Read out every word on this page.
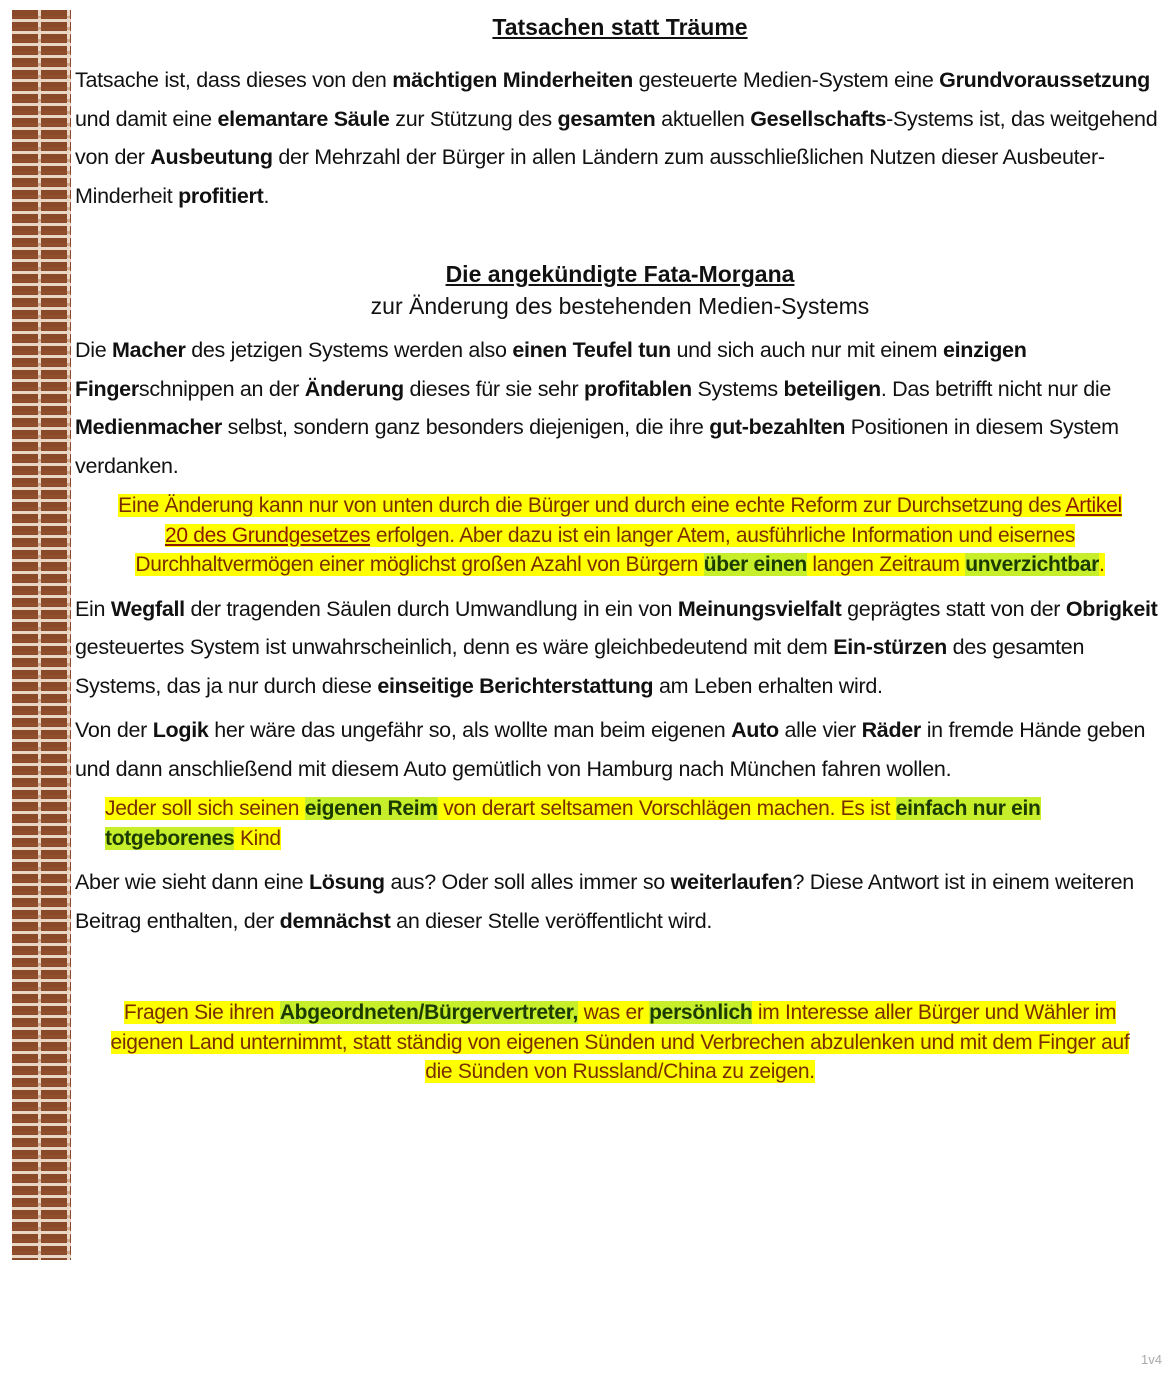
Tatsachen statt Träume

Tatsache ist, dass dieses von den mächtigen Minderheiten gesteuerte Medien-System eine Grundvoraussetzung und damit eine elemantare Säule zur Stützung des gesamten aktuellen Gesellschafts-Systems ist, das weitgehend von der Ausbeutung der Mehrzahl der Bürger in allen Ländern zum ausschließlichen Nutzen dieser Ausbeuter-Minderheit profitiert.

Die angekündigte Fata-Morgana
zur Änderung des bestehenden Medien-Systems

Die Macher des jetzigen Systems werden also einen Teufel tun und sich auch nur mit einem einzigen Fingerschnippen an der Änderung dieses für sie sehr profitablen Systems beteiligen. Das betrifft nicht nur die Medienmacher selbst, sondern ganz besonders diejenigen, die ihre gut-bezahlten Positionen in diesem System verdanken.

Eine Änderung kann nur von unten durch die Bürger und durch eine echte Reform zur Durchsetzung des Artikel 20 des Grundgesetzes erfolgen. Aber dazu ist ein langer Atem, ausführliche Information und eisernes Durchhaltvermögen einer möglichst großen Azahl von Bürgern über einen langen Zeitraum unverzichtbar.

Ein Wegfall der tragenden Säulen durch Umwandlung in ein von Meinungsvielfalt geprägtes statt von der Obrigkeit gesteuertes System ist unwahrscheinlich, denn es wäre gleichbedeutend mit dem Ein-stürzen des gesamten Systems, das ja nur durch diese einseitige Berichterstattung am Leben erhalten wird.

Von der Logik her wäre das ungefähr so, als wollte man beim eigenen Auto alle vier Räder in fremde Hände geben und dann anschließend mit diesem Auto gemütlich von Hamburg nach München fahren wollen.

Jeder soll sich seinen eigenen Reim von derart seltsamen Vorschlägen machen. Es ist einfach nur ein totgeborenes Kind

Aber wie sieht dann eine Lösung aus? Oder soll alles immer so weiterlaufen? Diese Antwort ist in einem weiteren Beitrag enthalten, der demnächst an dieser Stelle veröffentlicht wird.

Fragen Sie ihren Abgeordneten/Bürgervertreter, was er persönlich im Interesse aller Bürger und Wähler im eigenen Land unternimmt, statt ständig von eigenen Sünden und Verbrechen abzulenken und mit dem Finger auf die Sünden von Russland/China zu zeigen.
1v4
